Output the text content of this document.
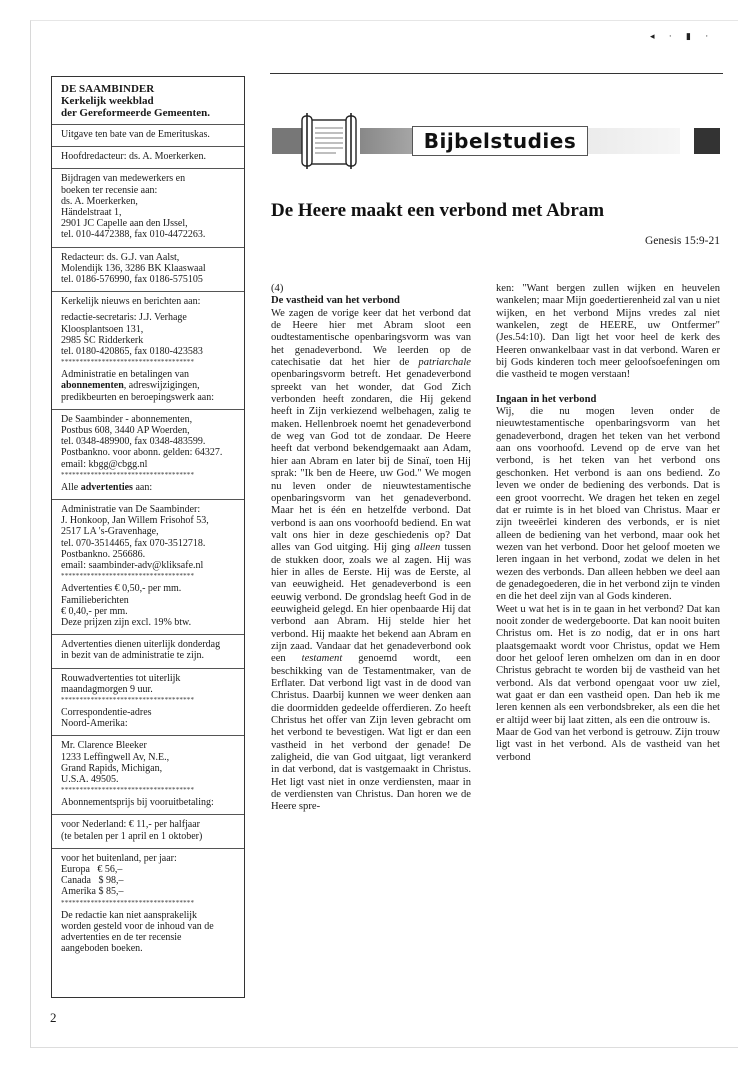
◂ · ▮ ·
DE SAAMBINDER
Kerkelijk weekblad
der Gereformeerde Gemeenten.

Uitgave ten bate van de Emerituskas.

Hoofdredacteur: ds. A. Moerkerken.

Bijdragen van medewerkers en
boeken ter recensie aan:
ds. A. Moerkerken,
Händelstraat 1,
2901 JC Capelle aan den IJssel,
tel. 010-4472388, fax 010-4472263.
Redacteur: ds. G.J. van Aalst,
Molendijk 136, 3286 BK Klaaswaal
tel. 0186-576990, fax 0186-575105
Kerkelijk nieuws en berichten aan:
redactie-secretaris: J.J. Verhage
Kloosplantsoen 131,
2985 SC Ridderkerk
tel. 0180-420865, fax 0180-423583
************************************
Administratie en betalingen van
abonnementen, adreswijzigingen,
predikbeurten en beroepingswerk aan:
De Saambinder - abonnementen,
Postbus 608, 3440 AP Woerden,
tel. 0348-489900, fax 0348-483599.
Postbankno. voor abonn. gelden: 64327.
email: kbgg@cbgg.nl
************************************
Alle advertenties aan:
Administratie van De Saambinder:
J. Honkoop, Jan Willem Frisohof 53,
2517 LA 's-Gravenhage,
tel. 070-3514465, fax 070-3512718.
Postbankno. 256686.
email: saambinder-adv@kliksafe.nl
************************************
Advertenties € 0,50,- per mm.
Familieberichten
€ 0,40,- per mm.
Deze prijzen zijn excl. 19% btw.
Advertenties dienen uiterlijk donderdag
in bezit van de administratie te zijn.
Rouwadvertenties tot uiterlijk
maandagmorgen 9 uur.
************************************
Correspondentie-adres
Noord-Amerika:
Mr. Clarence Bleeker
1233 Leffingwell Av, N.E.,
Grand Rapids, Michigan,
U.S.A. 49505.
************************************

Abonnementsprijs bij vooruitbetaling:

voor Nederland: € 11,- per halfjaar
(te betalen per 1 april en 1 oktober)
voor het buitenland, per jaar:
Europa   € 56,–
Canada   $ 98,–
Amerika $ 85,–
************************************
De redactie kan niet aansprakelijk
worden gesteld voor de inhoud van de
advertenties en de ter recensie
aangeboden boeken.
Bijbelstudies
De Heere maakt een verbond met Abram
Genesis 15:9-21

(4)

De vastheid van het verbond

We zagen de vorige keer dat het verbond dat de Heere hier met Abram sloot een oudtestamentische openbaringsvorm was van het genadeverbond. We leerden op de catechisatie dat het hier de patriarchale openbaringsvorm betreft. Het genadeverbond spreekt van het wonder, dat God Zich verbonden heeft zondaren, die Hij gekend heeft in Zijn verkiezend welbehagen, zalig te maken. Hellenbroek noemt het genadeverbond de weg van God tot de zondaar. De Heere heeft dat verbond bekendgemaakt aan Adam, hier aan Abram en later bij de Sinaï, toen Hij sprak: "Ik ben de Heere, uw God." We mogen nu leven onder de nieuwtestamentische openbaringsvorm van het genadeverbond. Maar het is één en hetzelfde verbond. Dat verbond is aan ons voorhoofd bediend. En wat valt ons hier in deze geschiedenis op? Dat alles van God uitging. Hij ging alleen tussen de stukken door, zoals we al zagen. Hij was hier in alles de Eerste. Hij was de Eerste, al van eeuwigheid. Het genadeverbond is een eeuwig verbond. De grondslag heeft God in de eeuwigheid gelegd. En hier openbaarde Hij dat verbond aan Abram. Hij stelde hier het verbond. Hij maakte het bekend aan Abram en zijn zaad. Vandaar dat het genadeverbond ook een testament genoemd wordt, een beschikking van de Testamentmaker, van de Erflater. Dat verbond ligt vast in de dood van Christus. Daarbij kunnen we weer denken aan die doormidden gedeelde offerdieren. Zo heeft Christus het offer van Zijn leven gebracht om het verbond te bevestigen. Wat ligt er dan een vastheid in het verbond der genade! De zaligheid, die van God uitgaat, ligt verankerd in dat verbond, dat is vastgemaakt in Christus. Het ligt vast niet in onze verdiensten, maar in de verdiensten van Christus. Dan horen we de Heere spre-

ken: "Want bergen zullen wijken en heuvelen wankelen; maar Mijn goedertierenheid zal van u niet wijken, en het verbond Mijns vredes zal niet wankelen, zegt de HEERE, uw Ontfermer" (Jes.54:10). Dan ligt het voor heel de kerk des Heeren onwankelbaar vast in dat verbond. Waren er bij Gods kinderen toch meer geloofsoefeningen om die vastheid te mogen verstaan!

Ingaan in het verbond

Wij, die nu mogen leven onder de nieuwtestamentische openbaringsvorm van het genadeverbond, dragen het teken van het verbond aan ons voorhoofd. Levend op de erve van het verbond, is het teken van het verbond ons geschonken. Het verbond is aan ons bediend. Zo leven we onder de bediening des verbonds. Dat is een groot voorrecht. We dragen het teken en zegel dat er ruimte is in het bloed van Christus. Maar er zijn tweeërlei kinderen des verbonds, er is niet alleen de bediening van het verbond, maar ook het wezen van het verbond. Door het geloof moeten we leren ingaan in het verbond, zodat we delen in het wezen des verbonds. Dan alleen hebben we deel aan de genadegoederen, die in het verbond zijn te vinden en die het deel zijn van al Gods kinderen.

Weet u wat het is in te gaan in het verbond? Dat kan nooit zonder de wedergeboorte. Dat kan nooit buiten Christus om. Het is zo nodig, dat er in ons hart plaatsgemaakt wordt voor Christus, opdat we Hem door het geloof leren omhelzen om dan in en door Christus gebracht te worden bij de vastheid van het verbond. Als dat verbond opengaat voor uw ziel, wat gaat er dan een vastheid open. Dan heb ik me leren kennen als een verbondsbreker, als een die het er altijd weer bij laat zitten, als een die ontrouw is.

Maar de God van het verbond is getrouw. Zijn trouw ligt vast in het verbond. Als de vastheid van het verbond

2
